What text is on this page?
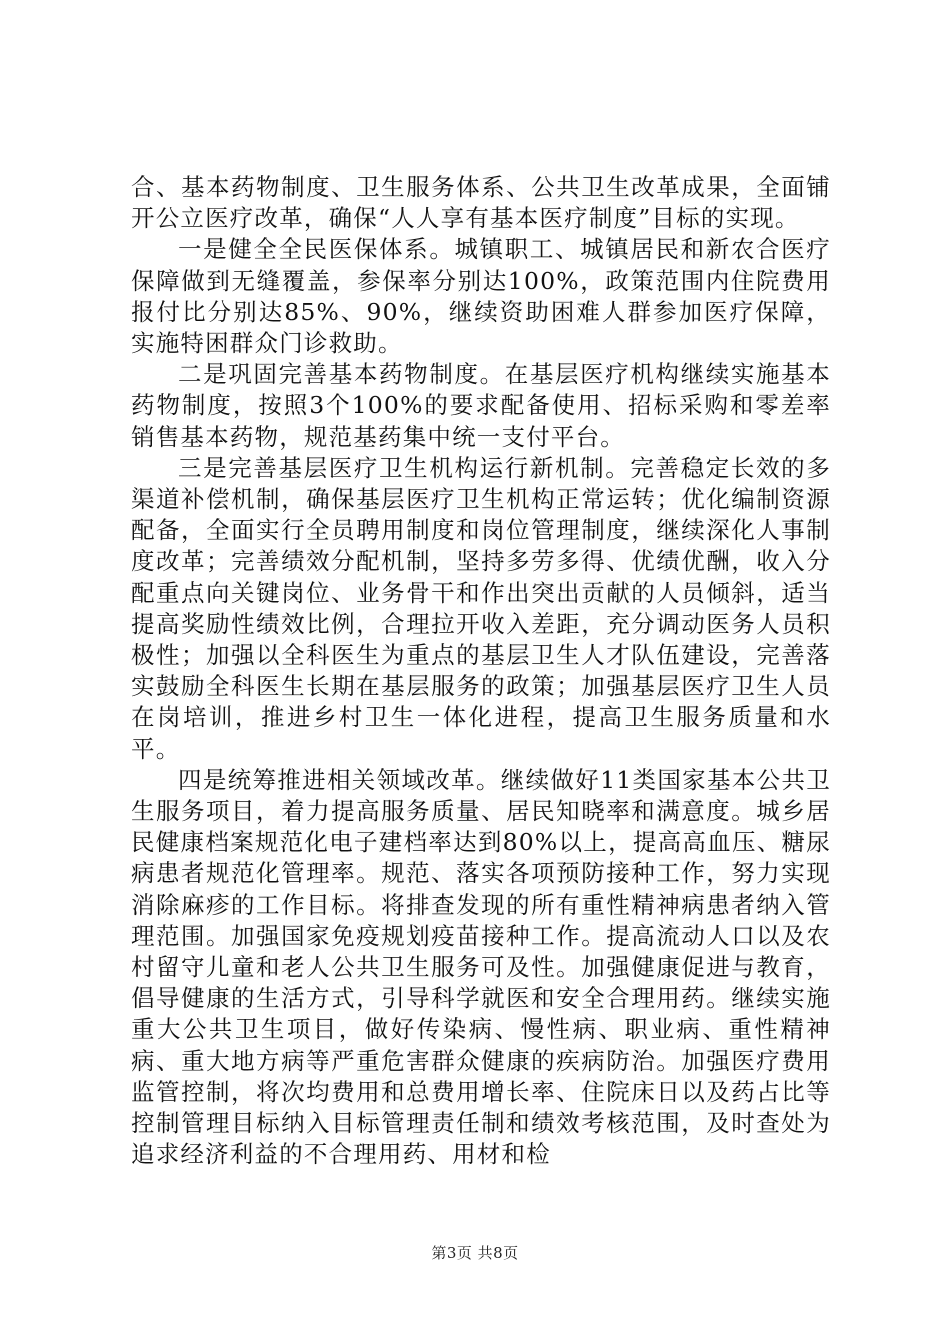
合、基本药物制度、卫生服务体系、公共卫生改革成果，全面铺开公立医疗改革，确保“人人享有基本医疗制度”目标的实现。

一是健全全民医保体系。城镇职工、城镇居民和新农合医疗保障做到无缝覆盖，参保率分别达100%，政策范围内住院费用报付比分别达85%、90%，继续资助困难人群参加医疗保障，实施特困群众门诊救助。

二是巩固完善基本药物制度。在基层医疗机构继续实施基本药物制度，按照3个100%的要求配备使用、招标采购和零差率销售基本药物，规范基药集中统一支付平台。

三是完善基层医疗卫生机构运行新机制。完善稳定长效的多渠道补偿机制，确保基层医疗卫生机构正常运转；优化编制资源配备，全面实行全员聘用制度和岗位管理制度，继续深化人事制度改革；完善绩效分配机制，坚持多劳多得、优绩优酬，收入分配重点向关键岗位、业务骨干和作出突出贡献的人员倾斜，适当提高奖励性绩效比例，合理拉开收入差距，充分调动医务人员积极性；加强以全科医生为重点的基层卫生人才队伍建设，完善落实鼓励全科医生长期在基层服务的政策；加强基层医疗卫生人员在岗培训，推进乡村卫生一体化进程，提高卫生服务质量和水平。

四是统筹推进相关领域改革。继续做好11类国家基本公共卫生服务项目，着力提高服务质量、居民知晓率和满意度。城乡居民健康档案规范化电子建档率达到80%以上，提高高血压、糖尿病患者规范化管理率。规范、落实各项预防接种工作，努力实现消除麻疹的工作目标。将排查发现的所有重性精神病患者纳入管理范围。加强国家免疫规划疫苗接种工作。提高流动人口以及农村留守儿童和老人公共卫生服务可及性。加强健康促进与教育，倡导健康的生活方式，引导科学就医和安全合理用药。继续实施重大公共卫生项目，做好传染病、慢性病、职业病、重性精神病、重大地方病等严重危害群众健康的疾病防治。加强医疗费用监管控制，将次均费用和总费用增长率、住院床日以及药占比等控制管理目标纳入目标管理责任制和绩效考核范围，及时查处为追求经济利益的不合理用药、用材和检

第3页 共8页
